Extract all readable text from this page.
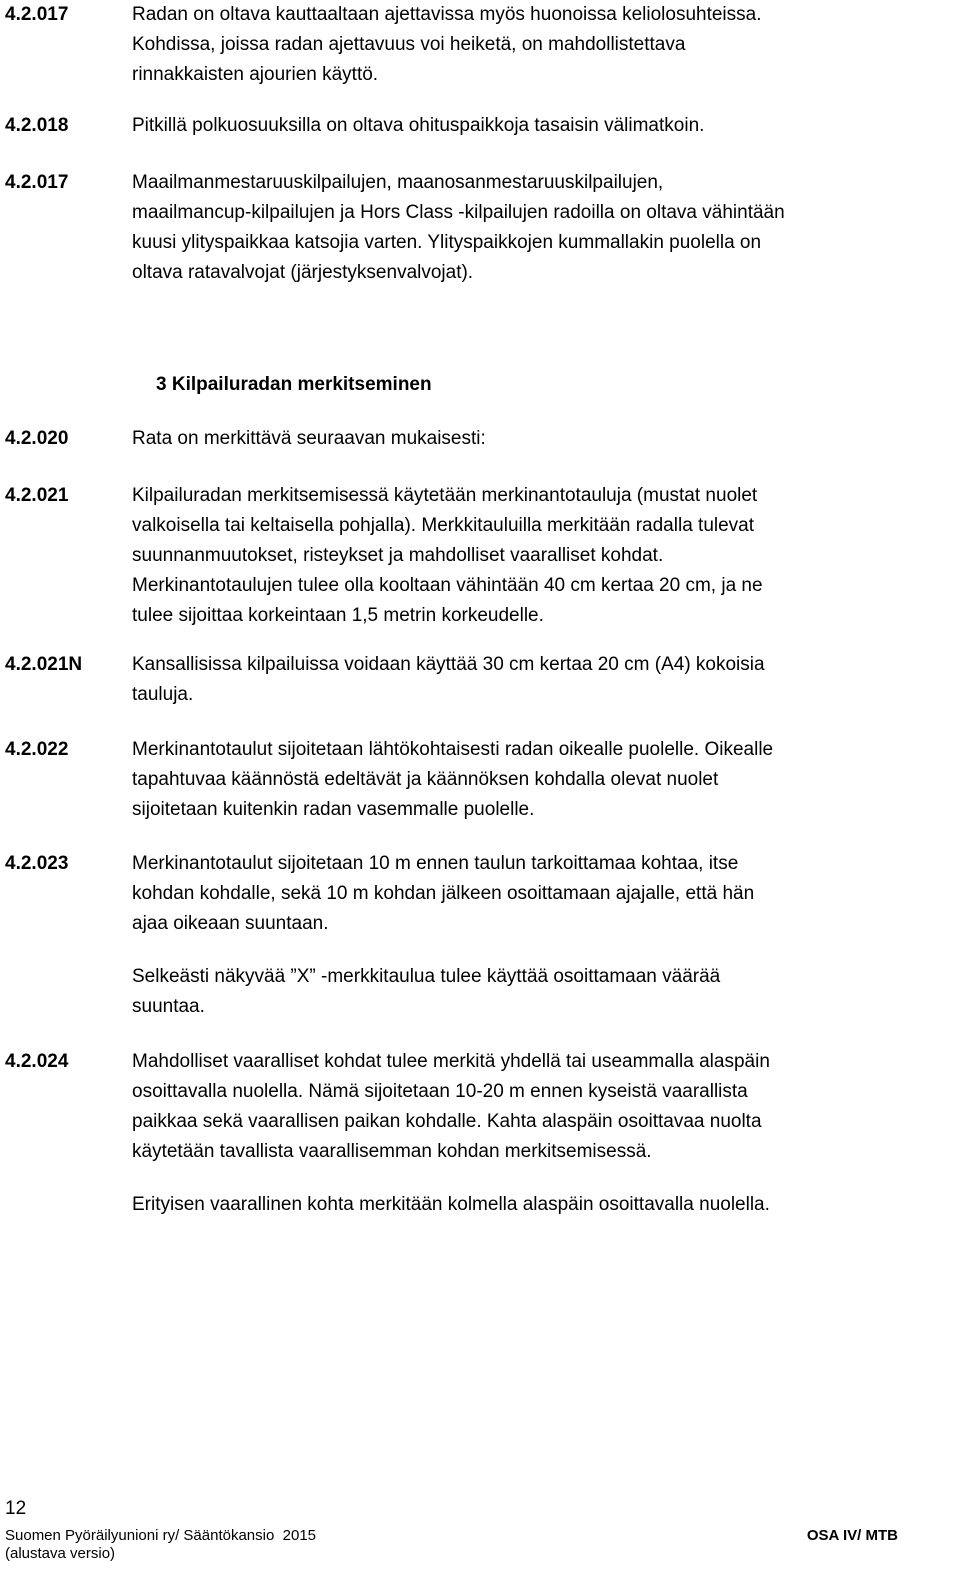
4.2.017	Radan on oltava kauttaaltaan ajettavissa myös huonoissa keliolosuhteissa.
Kohdissa, joissa radan ajettavuus voi heiketä, on mahdollistettava
rinnakkaisten ajourien käyttö.
4.2.018	Pitkillä polkuosuuksilla on oltava ohituspaikkoja tasaisin välimatkoin.
4.2.017	Maailmanmestaruuskilpailujen, maanosanmestaruuskilpailujen,
maailmancup-kilpailujen ja Hors Class -kilpailujen radoilla on oltava vähintään
kuusi ylityspaikkaa katsojia varten. Ylityspaikkojen kummallakin puolella on
oltava ratavalvojat (järjestyksenvalvojat).
3 Kilpailuradan merkitseminen
4.2.020	Rata on merkittävä seuraavan mukaisesti:
4.2.021	Kilpailuradan merkitsemisessä käytetään merkinantotauluja (mustat nuolet
valkoisella tai keltaisella pohjalla). Merkkitauluilla merkitään radalla tulevat
suunnanmuutokset, risteykset ja mahdolliset vaaralliset kohdat.
Merkinantotaulujen tulee olla kooltaan vähintään 40 cm kertaa 20 cm, ja ne
tulee sijoittaa korkeintaan 1,5 metrin korkeudelle.
4.2.021N	Kansallisissa kilpailuissa voidaan käyttää 30 cm kertaa 20 cm (A4) kokoisia
tauluja.
4.2.022	Merkinantotaulut sijoitetaan lähtökohtaisesti radan oikealle puolelle. Oikealle
tapahtuvaa käännöstä edeltävät ja käännöksen kohdalla olevat nuolet
sijoitetaan kuitenkin radan vasemmalle puolelle.
4.2.023	Merkinantotaulut sijoitetaan 10 m ennen taulun tarkoittamaa kohtaa, itse
kohdan kohdalle, sekä 10 m kohdan jälkeen osoittamaan ajajalle, että hän
ajaa oikeaan suuntaan.
Selkeästi näkyvää ”X” -merkkitaulua tulee käyttää osoittamaan väärää
suuntaa.
4.2.024	Mahdolliset vaaralliset kohdat tulee merkitä yhdellä tai useammalla alaspäin
osoittavalla nuolella. Nämä sijoitetaan 10-20 m ennen kyseistä vaarallista
paikkaa sekä vaarallisen paikan kohdalle. Kahta alaspäin osoittavaa nuolta
käytetään tavallista vaarallisemman kohdan merkitsemisessä.
Erityisen vaarallinen kohta merkitään kolmella alaspäin osoittavalla nuolella.
12
Suomen Pyöräilyunioni ry/ Sääntökansio  2015
(alustava versio)
OSA IV/ MTB
